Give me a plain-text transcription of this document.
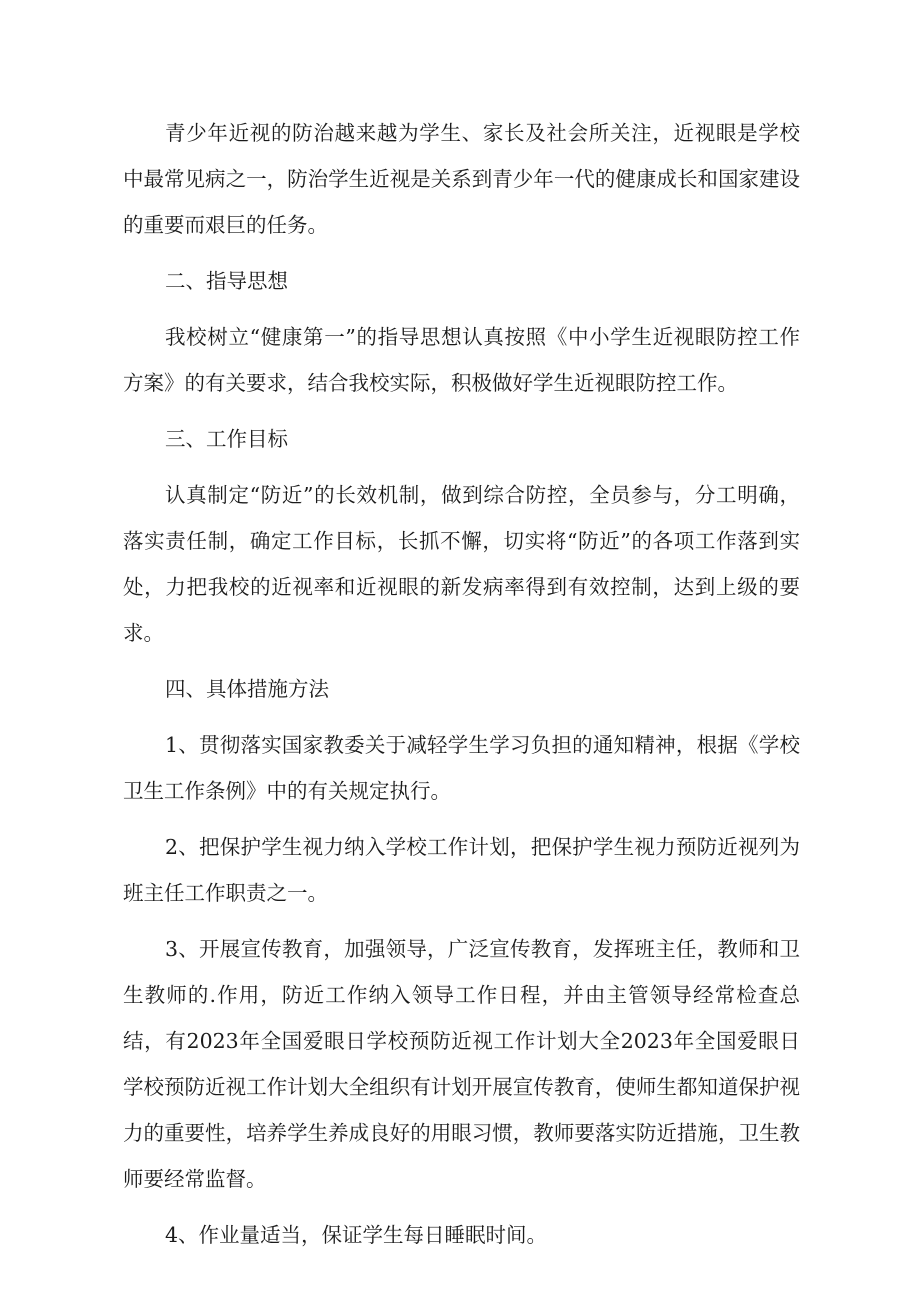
青少年近视的防治越来越为学生、家长及社会所关注，近视眼是学校中最常见病之一，防治学生近视是关系到青少年一代的健康成长和国家建设的重要而艰巨的任务。

二、指导思想

我校树立“健康第一”的指导思想认真按照《中小学生近视眼防控工作方案》的有关要求，结合我校实际，积极做好学生近视眼防控工作。

三、工作目标

认真制定“防近”的长效机制，做到综合防控，全员参与，分工明确，落实责任制，确定工作目标，长抓不懈，切实将“防近”的各项工作落到实处，力把我校的近视率和近视眼的新发病率得到有效控制，达到上级的要求。

四、具体措施方法

1、贯彻落实国家教委关于减轻学生学习负担的通知精神，根据《学校卫生工作条例》中的有关规定执行。

2、把保护学生视力纳入学校工作计划，把保护学生视力预防近视列为班主任工作职责之一。

3、开展宣传教育，加强领导，广泛宣传教育，发挥班主任，教师和卫生教师的.作用，防近工作纳入领导工作日程，并由主管领导经常检查总结，有2023年全国爱眼日学校预防近视工作计划大全2023年全国爱眼日学校预防近视工作计划大全组织有计划开展宣传教育，使师生都知道保护视力的重要性，培养学生养成良好的用眼习惯，教师要落实防近措施，卫生教师要经常监督。

4、作业量适当，保证学生每日睡眠时间。
